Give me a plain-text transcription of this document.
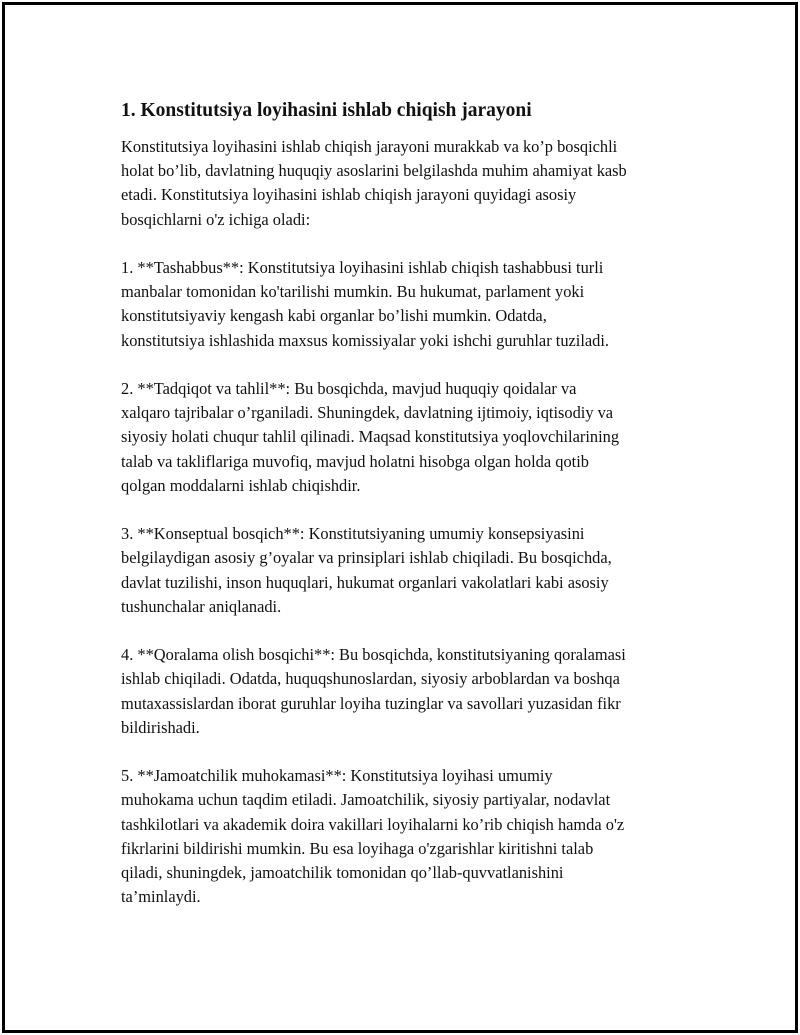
1. Konstitutsiya loyihasini ishlab chiqish jarayoni

Konstitutsiya loyihasini ishlab chiqish jarayoni murakkab va ko’p bosqichli
holat bo’lib, davlatning huquqiy asoslarini belgilashda muhim ahamiyat kasb
etadi. Konstitutsiya loyihasini ishlab chiqish jarayoni quyidagi asosiy
bosqichlarni o'z ichiga oladi:

1. **Tashabbus**: Konstitutsiya loyihasini ishlab chiqish tashabbusi turli
manbalar tomonidan ko'tarilishi mumkin. Bu hukumat, parlament yoki
konstitutsiyaviy kengash kabi organlar bo’lishi mumkin. Odatda,
konstitutsiya ishlashida maxsus komissiyalar yoki ishchi guruhlar tuziladi.

2. **Tadqiqot va tahlil**: Bu bosqichda, mavjud huquqiy qoidalar va
xalqaro tajribalar o’rganiladi. Shuningdek, davlatning ijtimoiy, iqtisodiy va
siyosiy holati chuqur tahlil qilinadi. Maqsad konstitutsiya yoqlovchilarining
talab va takliflariga muvofiq, mavjud holatni hisobga olgan holda qotib
qolgan moddalarni ishlab chiqishdir.

3. **Konseptual bosqich**: Konstitutsiyaning umumiy konsepsiyasini
belgilaydigan asosiy g’oyalar va prinsiplari ishlab chiqiladi. Bu bosqichda,
davlat tuzilishi, inson huquqlari, hukumat organlari vakolatlari kabi asosiy
tushunchalar aniqlanadi.

4. **Qoralama olish bosqichi**: Bu bosqichda, konstitutsiyaning qoralamasi
ishlab chiqiladi. Odatda, huquqshunoslardan, siyosiy arboblardan va boshqa
mutaxassislardan iborat guruhlar loyiha tuzinglar va savollari yuzasidan fikr
bildirishadi.

5. **Jamoatchilik muhokamasi**: Konstitutsiya loyihasi umumiy
muhokama uchun taqdim etiladi. Jamoatchilik, siyosiy partiyalar, nodavlat
tashkilotlari va akademik doira vakillari loyihalarni ko’rib chiqish hamda o'z
fikrlarini bildirishi mumkin. Bu esa loyihaga o'zgarishlar kiritishni talab
qiladi, shuningdek, jamoatchilik tomonidan qo’llab-quvvatlanishini
ta’minlaydi.
